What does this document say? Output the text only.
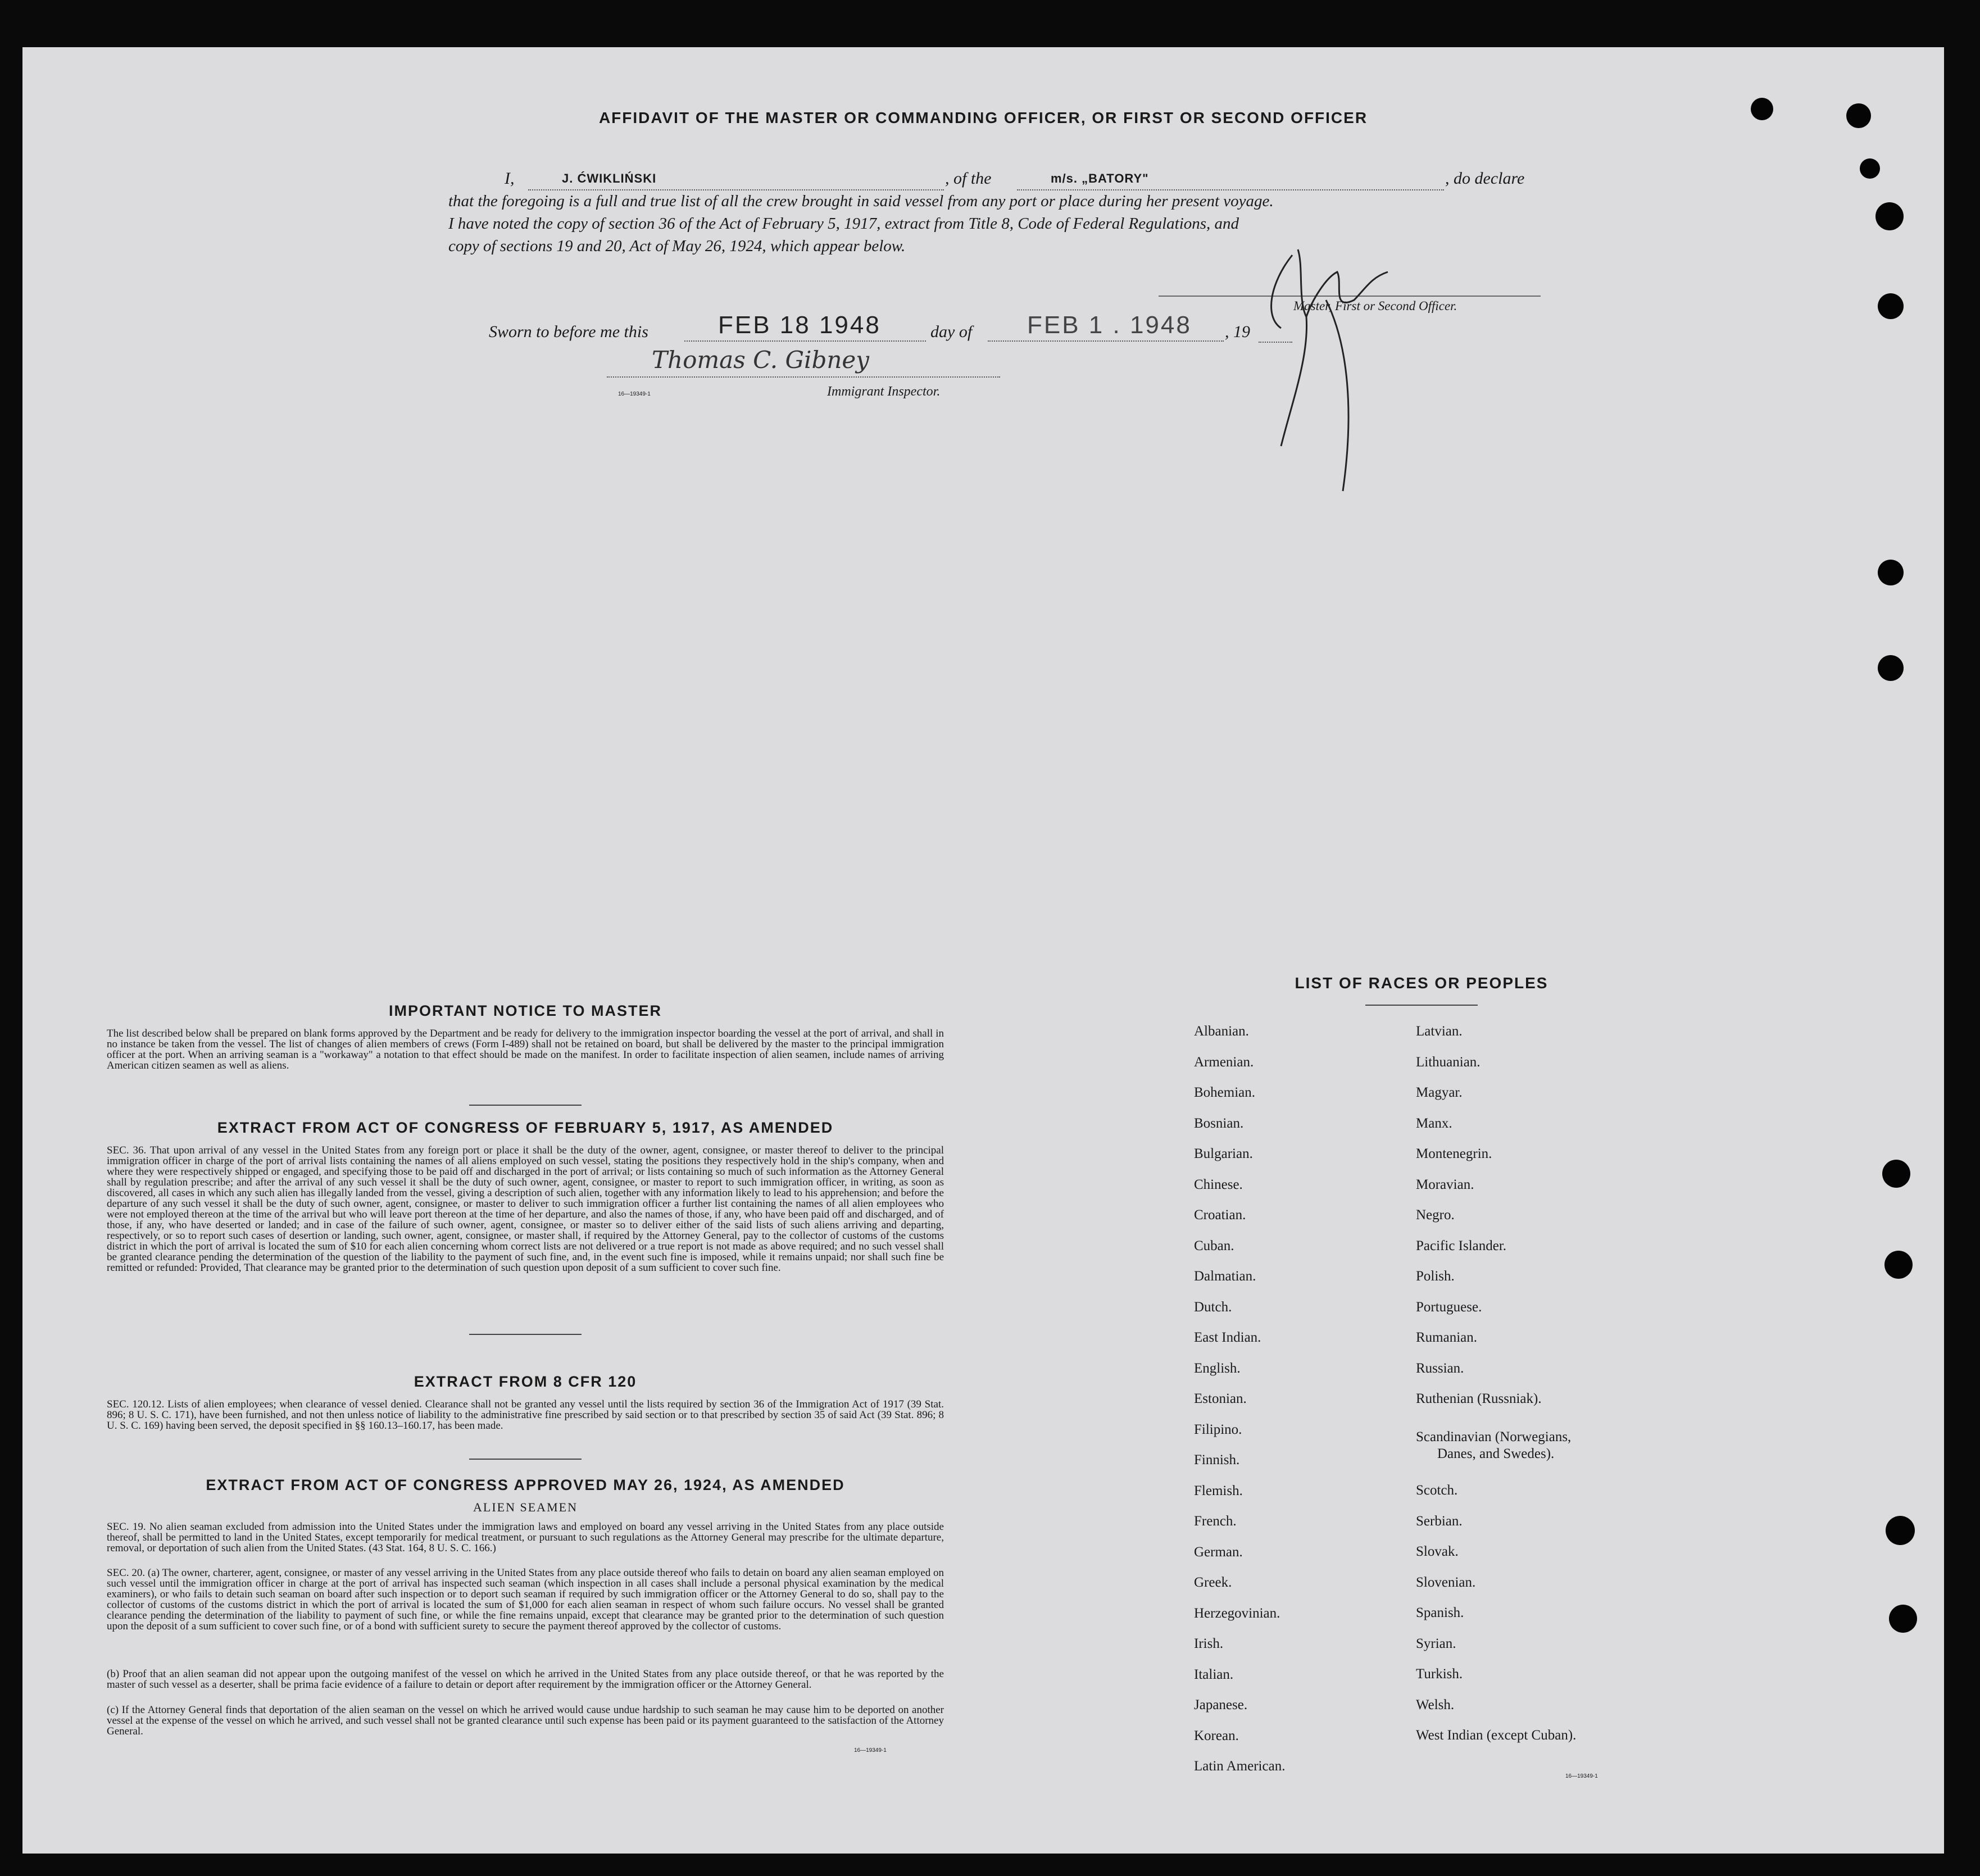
AFFIDAVIT OF THE MASTER OR COMMANDING OFFICER, OR FIRST OR SECOND OFFICER
I,	J. ĆWIKLIŃSKI	, of the	m/s. „BATORY"	, do declare
that the foregoing is a full and true list of all the crew brought in said vessel from any port or place during her present voyage.
I have noted the copy of section 36 of the Act of February 5, 1917, extract from Title 8, Code of Federal Regulations, and
copy of sections 19 and 20, Act of May 26, 1924, which appear below.
Master, First or Second Officer.
Sworn to before me this	FEB 18 1948	day of FEB 1 . 1948 , 19
Thomas C. Gibney
16—19349-1	Immigrant Inspector.
IMPORTANT NOTICE TO MASTER
The list described below shall be prepared on blank forms approved by the Department and be ready for delivery to the immigration inspector boarding the vessel at the port of arrival, and shall in no instance be taken from the vessel. The list of changes of alien members of crews (Form I-489) shall not be retained on board, but shall be delivered by the master to the principal immigration officer at the port. When an arriving seaman is a "workaway" a notation to that effect should be made on the manifest. In order to facilitate inspection of alien seamen, include names of arriving American citizen seamen as well as aliens.
EXTRACT FROM ACT OF CONGRESS OF FEBRUARY 5, 1917, AS AMENDED
SEC. 36. That upon arrival of any vessel in the United States from any foreign port or place it shall be the duty of the owner, agent, consignee, or master thereof to deliver to the principal immigration officer in charge of the port of arrival lists containing the names of all aliens employed on such vessel, stating the positions they respectively hold in the ship's company, when and where they were respectively shipped or engaged, and specifying those to be paid off and discharged in the port of arrival; or lists containing so much of such information as the Attorney General shall by regulation prescribe; and after the arrival of any such vessel it shall be the duty of such owner, agent, consignee, or master to report to such immigration officer, in writing, as soon as discovered, all cases in which any such alien has illegally landed from the vessel, giving a description of such alien, together with any information likely to lead to his apprehension; and before the departure of any such vessel it shall be the duty of such owner, agent, consignee, or master to deliver to such immigration officer a further list containing the names of all alien employees who were not employed thereon at the time of the arrival but who will leave port thereon at the time of her departure, and also the names of those, if any, who have been paid off and discharged, and of those, if any, who have deserted or landed; and in case of the failure of such owner, agent, consignee, or master so to deliver either of the said lists of such aliens arriving and departing, respectively, or so to report such cases of desertion or landing, such owner, agent, consignee, or master shall, if required by the Attorney General, pay to the collector of customs of the customs district in which the port of arrival is located the sum of $10 for each alien concerning whom correct lists are not delivered or a true report is not made as above required; and no such vessel shall be granted clearance pending the determination of the question of the liability to the payment of such fine, and, in the event such fine is imposed, while it remains unpaid; nor shall such fine be remitted or refunded: Provided, That clearance may be granted prior to the determination of such question upon deposit of a sum sufficient to cover such fine.
EXTRACT FROM 8 CFR 120
SEC. 120.12. Lists of alien employees; when clearance of vessel denied. Clearance shall not be granted any vessel until the lists required by section 36 of the Immigration Act of 1917 (39 Stat. 896; 8 U. S. C. 171), have been furnished, and not then unless notice of liability to the administrative fine prescribed by said section or to that prescribed by section 35 of said Act (39 Stat. 896; 8 U. S. C. 169) having been served, the deposit specified in §§ 160.13–160.17, has been made.
EXTRACT FROM ACT OF CONGRESS APPROVED MAY 26, 1924, AS AMENDED
ALIEN SEAMEN
SEC. 19. No alien seaman excluded from admission into the United States under the immigration laws and employed on board any vessel arriving in the United States from any place outside thereof, shall be permitted to land in the United States, except temporarily for medical treatment, or pursuant to such regulations as the Attorney General may prescribe for the ultimate departure, removal, or deportation of such alien from the United States. (43 Stat. 164, 8 U. S. C. 166.)
SEC. 20. (a) The owner, charterer, agent, consignee, or master of any vessel arriving in the United States from any place outside thereof who fails to detain on board any alien seaman employed on such vessel until the immigration officer in charge at the port of arrival has inspected such seaman (which inspection in all cases shall include a personal physical examination by the medical examiners), or who fails to detain such seaman on board after such inspection or to deport such seaman if required by such immigration officer or the Attorney General to do so, shall pay to the collector of customs of the customs district in which the port of arrival is located the sum of $1,000 for each alien seaman in respect of whom such failure occurs. No vessel shall be granted clearance pending the determination of the liability to payment of such fine, or while the fine remains unpaid, except that clearance may be granted prior to the determination of such question upon the deposit of a sum sufficient to cover such fine, or of a bond with sufficient surety to secure the payment thereof approved by the collector of customs.
(b) Proof that an alien seaman did not appear upon the outgoing manifest of the vessel on which he arrived in the United States from any place outside thereof, or that he was reported by the master of such vessel as a deserter, shall be prima facie evidence of a failure to detain or deport after requirement by the immigration officer or the Attorney General.
(c) If the Attorney General finds that deportation of the alien seaman on the vessel on which he arrived would cause undue hardship to such seaman he may cause him to be deported on another vessel at the expense of the vessel on which he arrived, and such vessel shall not be granted clearance until such expense has been paid or its payment guaranteed to the satisfaction of the Attorney General.
16—19349-1
LIST OF RACES OR PEOPLES
Albanian.
Armenian.
Bohemian.
Bosnian.
Bulgarian.
Chinese.
Croatian.
Cuban.
Dalmatian.
Dutch.
East Indian.
English.
Estonian.
Filipino.
Finnish.
Flemish.
French.
German.
Greek.
Herzegovinian.
Irish.
Italian.
Japanese.
Korean.
Latin American.
Latvian.
Lithuanian.
Magyar.
Manx.
Montenegrin.
Moravian.
Negro.
Pacific Islander.
Polish.
Portuguese.
Rumanian.
Russian.
Ruthenian (Russniak).
Scandinavian (Norwegians,
Danes, and Swedes).
Scotch.
Serbian.
Slovak.
Slovenian.
Spanish.
Syrian.
Turkish.
Welsh.
West Indian (except Cuban).
16—19349-1
